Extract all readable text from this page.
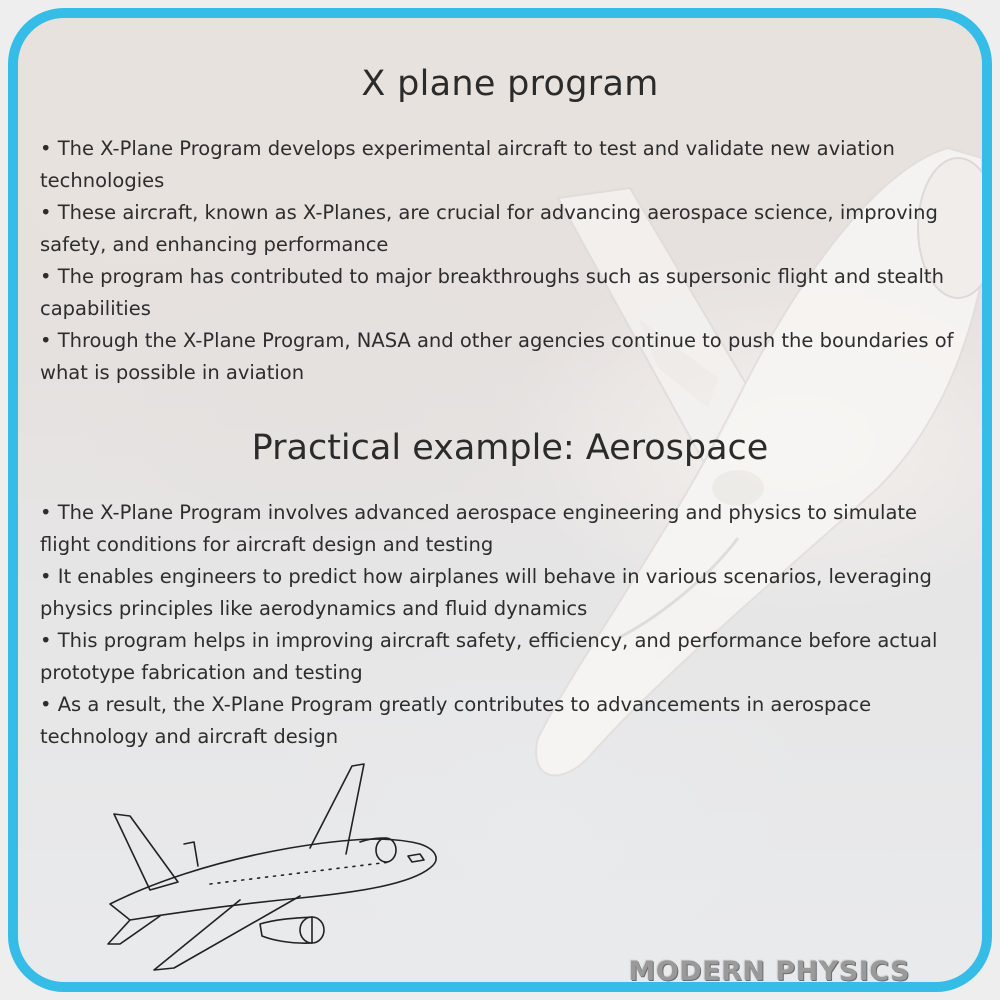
X plane program
• The X-Plane Program develops experimental aircraft to test and validate new aviation technologies
• These aircraft, known as X-Planes, are crucial for advancing aerospace science, improving safety, and enhancing performance
• The program has contributed to major breakthroughs such as supersonic flight and stealth capabilities
• Through the X-Plane Program, NASA and other agencies continue to push the boundaries of what is possible in aviation
Practical example: Aerospace
• The X-Plane Program involves advanced aerospace engineering and physics to simulate flight conditions for aircraft design and testing
• It enables engineers to predict how airplanes will behave in various scenarios, leveraging physics principles like aerodynamics and fluid dynamics
• This program helps in improving aircraft safety, efficiency, and performance before actual prototype fabrication and testing
• As a result, the X-Plane Program greatly contributes to advancements in aerospace technology and aircraft design
MODERN PHYSICS
